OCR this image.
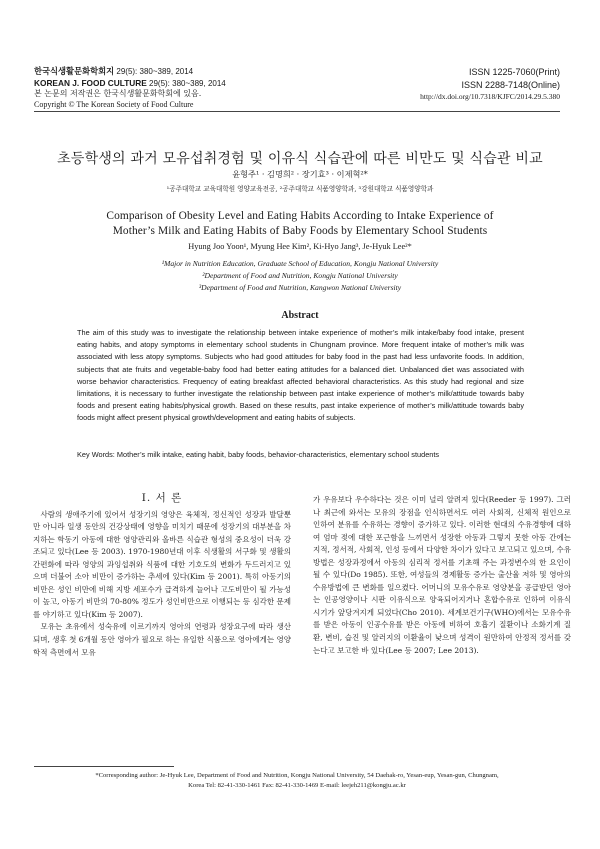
한국식생활문화학회지 29(5): 380~389, 2014
KOREAN J. FOOD CULTURE 29(5): 380~389, 2014
본 논문의 저작권은 한국식생활문화학회에 있음.
Copyright © The Korean Society of Food Culture
ISSN 1225-7060(Print)
ISSN 2288-7148(Online)
http://dx.doi.org/10.7318/KJFC/2014.29.5.380
초등학생의 과거 모유섭취경험 및 이유식 식습관에 따른 비만도 및 식습관 비교
윤형주¹ · 김명희² · 장기효³ · 이제혁²*
¹공주대학교 교육대학원 영양교육전공, ²공주대학교 식품영양학과, ³강원대학교 식품영양학과
Comparison of Obesity Level and Eating Habits According to Intake Experience of
Mother’s Milk and Eating Habits of Baby Foods by Elementary School Students
Hyung Joo Yoon¹, Myung Hee Kim², Ki-Hyo Jang³, Je-Hyuk Lee²*
¹Major in Nutrition Education, Graduate School of Education, Kongju National University
²Department of Food and Nutrition, Kongju National University
³Department of Food and Nutrition, Kangwon National University
Abstract
The aim of this study was to investigate the relationship between intake experience of mother’s milk intake/baby food intake, present eating habits, and atopy symptoms in elementary school students in Chungnam province. More frequent intake of mother’s milk was associated with less atopy symptoms. Subjects who had good attitudes for baby food in the past had less unfavorite foods. In addition, subjects that ate fruits and vegetable-baby food had better eating attitudes for a balanced diet. Unbalanced diet was associated with worse behavior characteristics. Frequency of eating breakfast affected behavioral characteristics. As this study had regional and size limitations, it is necessary to further investigate the relationship between past intake experience of mother’s milk/attitude towards baby foods and present eating habits/physical growth. Based on these results, past intake experience of mother’s milk/attitude towards baby foods might affect present physical growth/development and eating habits of subjects.
Key Words: Mother’s milk intake, eating habit, baby foods, behavior-characteristics, elementary school students
Ⅰ. 서 론

사람의 생애주기에 있어서 성장기의 영양은 육체적, 정신적인 성장과 발달뿐만 아니라 일생 동안의 건강상태에 영향을 미치기 때문에 성장기의 대부분을 차지하는 학동기 아동에 대한 영양관리와 올바른 식습관 형성의 중요성이 더욱 강조되고 있다(Lee 등 2003). 1970-1980년대 이후 식생활의 서구화 및 생활의 간편화에 따라 영양의 과잉섭취와 식품에 대한 기호도의 변화가 두드러지고 있으며 더불어 소아 비만이 증가하는 추세에 있다(Kim 등 2001). 특히 아동기의 비만은 성인 비만에 비해 지방 세포수가 급격하게 늘어나 고도비만이 될 가능성이 높고, 아동기 비만의 70-80% 정도가 성인비만으로 이행되는 등 심각한 문제를 야기하고 있다(Kim 등 2007).

모유는 초유에서 성숙유에 이르기까지 영아의 연령과 성장요구에 따라 생산되며, 생후 첫 6개월 동안 영아가 필요로 하는 유일한 식품으로 영아에게는 영양학적 측면에서 모유

가 우유보다 우수하다는 것은 이미 널리 알려져 있다(Reeder 등 1997). 그러나 최근에 와서는 모유의 장점을 인식하면서도 여러 사회적, 신체적 원인으로 인하여 분유를 수유하는 경향이 증가하고 있다. 이러한 현대의 수유경향에 대하여 엄마 젖에 대한 포근함을 느끼면서 성장한 아동과 그렇지 못한 아동 간에는 지적, 정서적, 사회적, 인성 등에서 다양한 차이가 있다고 보고되고 있으며, 수유방법은 성장과정에서 아동의 심리적 정서를 기초해 주는 과정변수의 한 요인이 될 수 있다(Do 1985). 또한, 여성들의 경제활동 증가는 출산율 저하 및 영아의 수유방법에 큰 변화를 일으켰다. 어머니의 모유수유로 영양분을 공급받던 영아는 인공영양이나 시판 이유식으로 양육되어지거나 혼합수유로 인하여 이유식 시기가 앞당겨지게 되었다(Cho 2010). 세계보건기구(WHO)에서는 모유수유를 받은 아동이 인공수유를 받은 아동에 비하여 호흡기 질환이나 소화기계 질환, 변비, 습진 및 알러지의 이환율이 낮으며 성격이 원만하여 안정적 정서를 갖는다고 보고한 바 있다(Lee 등 2007; Lee 2013).

*Corresponding author: Je-Hyuk Lee, Department of Food and Nutrition, Kongju National University, 54 Daehak-ro, Yesan-eup, Yesan-gun, Chungnam,
Korea Tel: 82-41-330-1461 Fax: 82-41-330-1469 E-mail: leejeh211@kongju.ac.kr
